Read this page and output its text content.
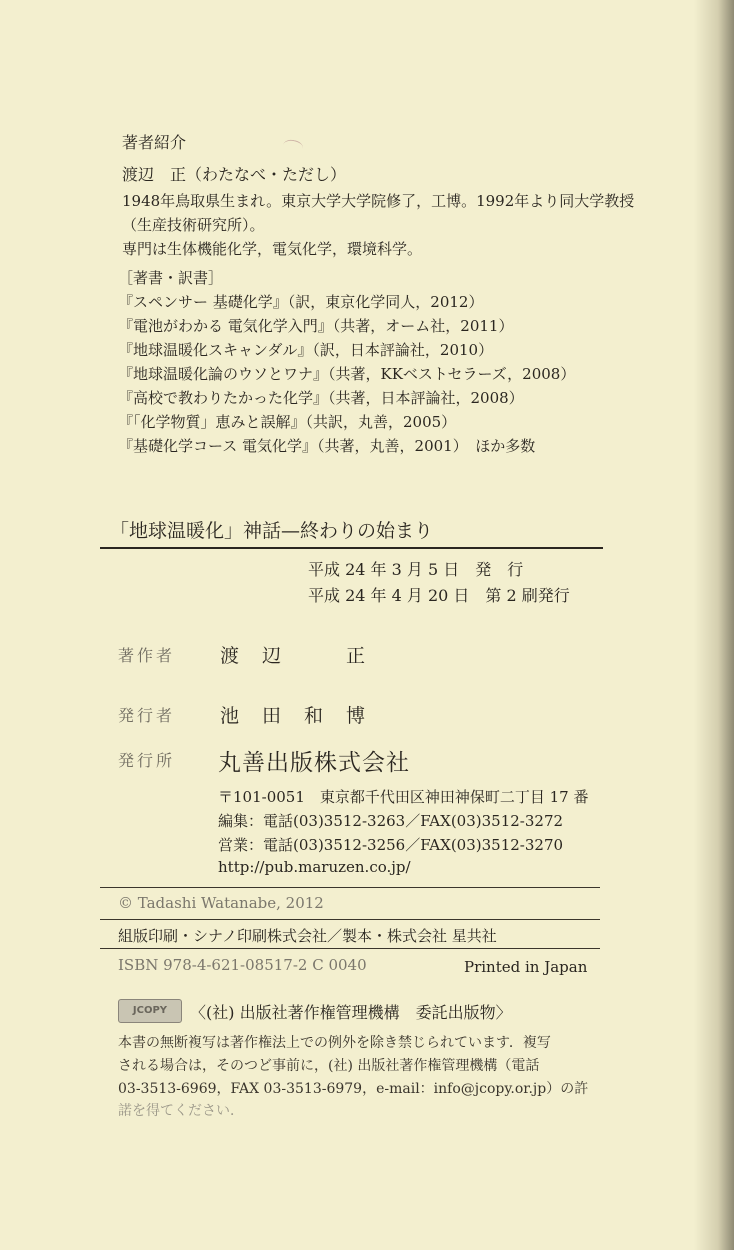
著者紹介
渡辺　正（わたなべ・ただし）
1948年鳥取県生まれ。東京大学大学院修了，工博。1992年より同大学教授
（生産技術研究所）。
専門は生体機能化学，電気化学，環境科学。
［著書・訳書］
『スペンサー 基礎化学』（訳，東京化学同人，2012）
『電池がわかる 電気化学入門』（共著，オーム社，2011）
『地球温暖化スキャンダル』（訳，日本評論社，2010）
『地球温暖化論のウソとワナ』（共著，KKベストセラーズ，2008）
『高校で教わりたかった化学』（共著，日本評論社，2008）
『「化学物質」恵みと誤解』（共訳，丸善，2005）
『基礎化学コース 電気化学』（共著，丸善，2001）　ほか多数
「地球温暖化」神話—終わりの始まり
平成 24 年 3 月 5 日　発　行
平成 24 年 4 月 20 日　第 2 刷発行
著作者 渡　辺　　　正
発行者 池　田　和　博
発行所 丸善出版株式会社
〒101-0051　東京都千代田区神田神保町二丁目 17 番
編集：電話(03)3512-3263／FAX(03)3512-3272
営業：電話(03)3512-3256／FAX(03)3512-3270
http://pub.maruzen.co.jp/
© Tadashi Watanabe, 2012
組版印刷・シナノ印刷株式会社／製本・株式会社 星共社
ISBN 978-4-621-08517-2 C 0040	Printed in Japan
JCOPY	〈(社) 出版社著作権管理機構　委託出版物〉
本書の無断複写は著作権法上での例外を除き禁じられています．複写
される場合は，そのつど事前に，(社) 出版社著作権管理機構（電話
03-3513-6969，FAX 03-3513-6979，e-mail：info@jcopy.or.jp）の許
諾を得てください．
